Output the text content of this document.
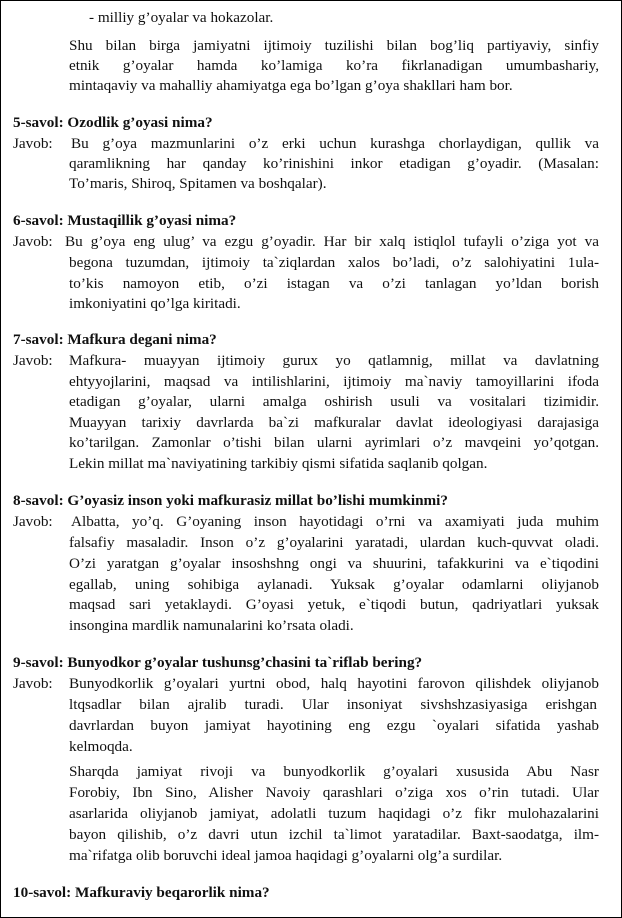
- milliy g’oyalar va hokazolar.
Shu bilan birga jamiyatni ijtimoiy tuzilishi bilan bog’liq partiyaviy, sinfiy
etnik g’oyalar hamda ko’lamiga ko’ra fikrlanadigan umumbashariy,
mintaqaviy va mahalliy ahamiyatga ega bo’lgan g’oya shakllari ham bor.
5-savol: Ozodlik g’oyasi nima?
Javob: Bu g’oya mazmunlarini o’z erki uchun kurashga chorlaydigan, qullik va
qaramlikning har qanday ko’rinishini inkor etadigan g’oyadir. (Masalan:
To’maris, Shiroq, Spitamen va boshqalar).
6-savol: Mustaqillik g’oyasi nima?
Javob: Bu g’oya eng ulug’ va ezgu g’oyadir. Har bir xalq istiqlol tufayli o’ziga yot va
begona tuzumdan, ijtimoiy ta`ziqlardan xalos bo’ladi, o’z salohiyatini 1ula-
to’kis namoyon etib, o’zi istagan va o’zi tanlagan yo’ldan borish
imkoniyatini qo’lga kiritadi.
7-savol: Mafkura degani nima?
Javob: Mafkura- muayyan ijtimoiy gurux yo qatlamnig, millat va davlatning
ehtyyojlarini, maqsad va intilishlarini, ijtimoiy ma`naviy tamoyillarini ifoda
etadigan g’oyalar, ularni amalga oshirish usuli va vositalari tizimidir.
Muayyan tarixiy davrlarda ba`zi mafkuralar davlat ideologiyasi darajasiga
ko’tarilgan. Zamonlar o’tishi bilan ularni ayrimlari o’z mavqeini yo’qotgan.
Lekin millat ma`naviyatining tarkibiy qismi sifatida saqlanib qolgan.
8-savol: G’oyasiz inson yoki mafkurasiz millat bo’lishi mumkinmi?
Javob: Albatta, yo’q. G’oyaning inson hayotidagi o’rni va axamiyati juda muhim
falsafiy masaladir. Inson o’z g’oyalarini yaratadi, ulardan kuch-quvvat oladi.
O’zi yaratgan g’oyalar insoshshng ongi va shuurini, tafakkurini va e`tiqodini
egallab, uning sohibiga aylanadi. Yuksak g’oyalar odamlarni oliyjanob
maqsad sari yetaklaydi. G’oyasi yetuk, e`tiqodi butun, qadriyatlari yuksak
insongina mardlik namunalarini ko’rsata oladi.
9-savol: Bunyodkor g’oyalar tushunsg’chasini ta`riflab bering?
Javob: Bunyodkorlik g’oyalari yurtni obod, halq hayotini farovon qilishdek oliyjanob
ltqsadlar bilan ajralib turadi. Ular insoniyat sivshshzasiyasiga erishgan
davrlardan buyon jamiyat hayotining eng ezgu `oyalari sifatida yashab
kelmoqda.
Sharqda jamiyat rivoji va bunyodkorlik g’oyalari xususida Abu Nasr
Forobiy, Ibn Sino, Alisher Navoiy qarashlari o’ziga xos o’rin tutadi. Ular
asarlarida oliyjanob jamiyat, adolatli tuzum haqidagi o’z fikr mulohazalarini
bayon qilishib, o’z davri utun izchil ta`limot yaratadilar. Baxt-saodatga, ilm-
ma`rifatga olib boruvchi ideal jamoa haqidagi g’oyalarni olg’a surdilar.
10-savol: Mafkuraviy beqarorlik nima?
